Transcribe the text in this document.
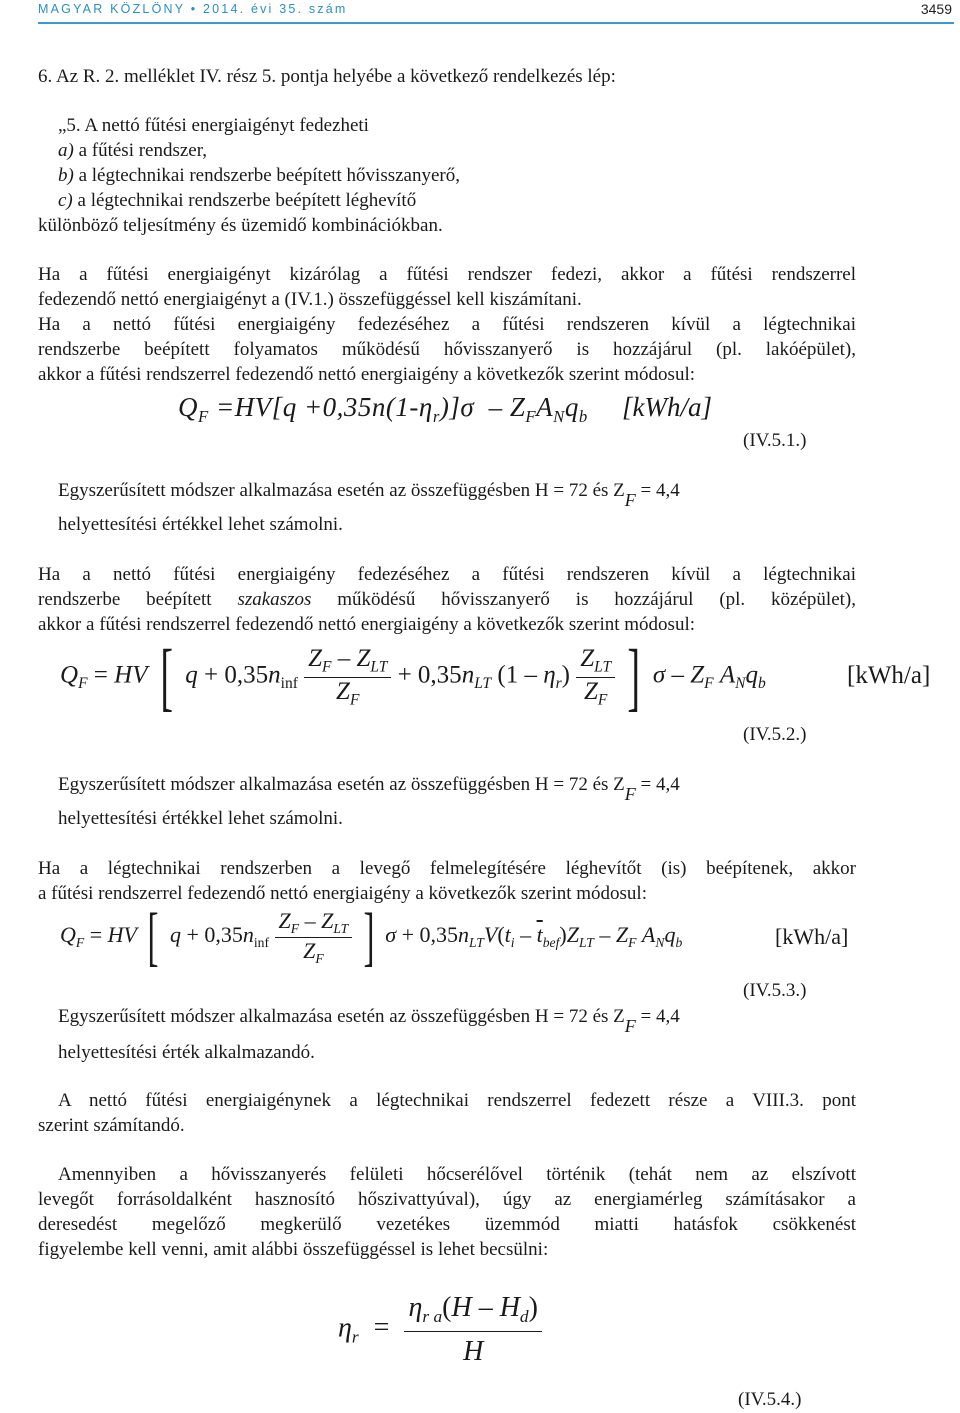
MAGYAR KÖZLÖNY • 2014. évi 35. szám	3459
6. Az R. 2. melléklet IV. rész 5. pontja helyébe a következő rendelkezés lép:
„5. A nettó fűtési energiaigényt fedezheti
a) a fűtési rendszer,
b) a légtechnikai rendszerbe beépített hővisszanyerő,
c) a légtechnikai rendszerbe beépített léghevítő
különböző teljesítmény és üzemidő kombinációkban.
Ha a fűtési energiaigényt kizárólag a fűtési rendszer fedezi, akkor a fűtési rendszerrel
fedezendő nettó energiaigényt a (IV.1.) összefüggéssel kell kiszámítani.
Ha a nettó fűtési energiaigény fedezéséhez a fűtési rendszeren kívül a légtechnikai
rendszerbe beépített folyamatos működésű hővisszanyerő is hozzájárul (pl. lakóépület),
akkor a fűtési rendszerrel fedezendő nettó energiaigény a következők szerint módosul:
$Q_F =HV[q +0,35n(1-\eta_r)]\sigma - Z_FA_Nq_b$ [kWh/a]
(IV.5.1.)
Egyszerűsített módszer alkalmazása esetén az összefüggésben H = 72 és ZF = 4,4
helyettesítési értékkel lehet számolni.
Ha a nettó fűtési energiaigény fedezéséhez a fűtési rendszeren kívül a légtechnikai
rendszerbe beépített szakaszos működésű hővisszanyerő is hozzájárul (pl. középület),
akkor a fűtési rendszerrel fedezendő nettó energiaigény a következők szerint módosul:
$Q_F$ = HV [ $q + 0,35n_{inf} \frac{Z_F - Z_{LT}}{Z_F} + 0,35n_{LT}$ $(1 - \eta_r) \frac{Z_{LT}}{Z_F}$ ] σ – $Z_F$ $A_Nq_b$	[kWh/a]
(IV.5.2.)
Egyszerűsített módszer alkalmazása esetén az összefüggésben H = 72 és ZF = 4,4
helyettesítési értékkel lehet számolni.
Ha a légtechnikai rendszerben a levegő felmelegítésére léghevítőt (is) beépítenek, akkor
a fűtési rendszerrel fedezendő nettó energiaigény a következők szerint módosul:
$Q_F$ = HV [ $q + 0,35n_{inf} \frac{Z_F - Z_{LT}}{Z_F}$ ] $\sigma + 0,35n_{LT}V(t_i - \overline{t}_{bef})Z_{LT} - Z_F$ $A_Nq_b$	[kWh/a]
(IV.5.3.)
Egyszerűsített módszer alkalmazása esetén az összefüggésben H = 72 és ZF = 4,4
helyettesítési érték alkalmazandó.
A nettó fűtési energiaigénynek a légtechnikai rendszerrel fedezett része a VIII.3. pont
szerint számítandó.
Amennyiben a hővisszanyerés felületi hőcserélővel történik (tehát nem az elszívott
levegőt forrásoldalként hasznosító hőszivattyúval), úgy az energiamérleg számításakor a
deresedést megelőző megkerülő vezetékes üzemmód miatti hatásfok csökkenést
figyelembe kell venni, amit alábbi összefüggéssel is lehet becsülni:
$\eta_r = \frac{\eta_{r a}(H - H_d)}{H}$
(IV.5.4.)
